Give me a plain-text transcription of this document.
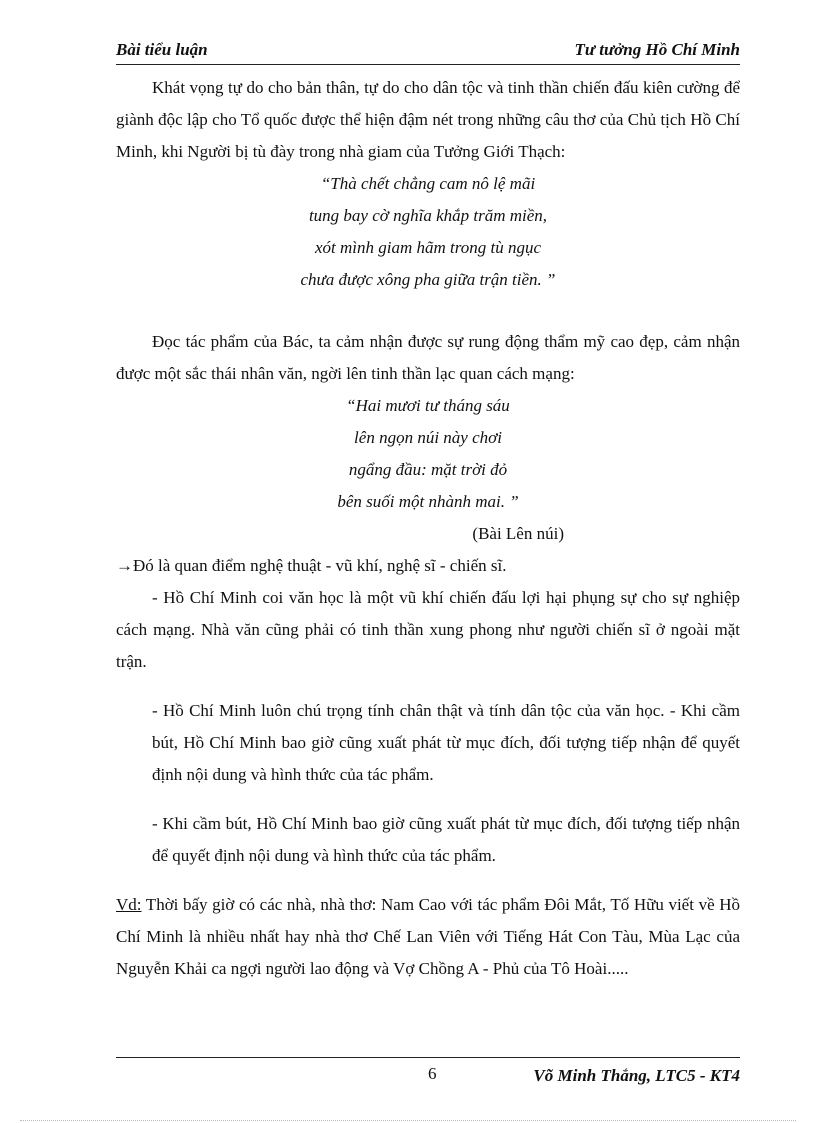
Bài tiểu luận	Tư tưởng Hồ Chí Minh

Khát vọng tự do cho bản thân, tự do cho dân tộc và tinh thần chiến đấu kiên cường để giành độc lập cho Tổ quốc được thể hiện đậm nét trong những câu thơ của Chủ tịch Hồ Chí Minh, khi Người bị tù đày trong nhà giam của Tưởng Giới Thạch:

“Thà chết chẳng cam nô lệ mãi
tung bay cờ nghĩa khắp trăm miền,
xót mình giam hãm trong tù ngục
chưa được xông pha giữa trận tiền. ”

Đọc tác phẩm của Bác, ta cảm nhận được sự rung động thẩm mỹ cao đẹp, cảm nhận được một sắc thái nhân văn, ngời lên tinh thần lạc quan cách mạng:

“Hai mươi tư tháng sáu
lên ngọn núi này chơi
ngẩng đầu: mặt trời đỏ
bên suối một nhành mai. ”
(Bài Lên núi)
→Đó là quan điểm nghệ thuật - vũ khí, nghệ sĩ - chiến sĩ.

- Hồ Chí Minh coi văn học là một vũ khí chiến đấu lợi hại phụng sự cho sự nghiệp cách mạng. Nhà văn cũng phải có tinh thần xung phong như người chiến sĩ ở ngoài mặt trận.

- Hồ Chí Minh luôn chú trọng tính chân thật và tính dân tộc của văn học. - Khi cầm bút, Hồ Chí Minh bao giờ cũng xuất phát từ mục đích, đối tượng tiếp nhận để quyết định nội dung và hình thức của tác phẩm.

- Khi cầm bút, Hồ Chí Minh bao giờ cũng xuất phát từ mục đích, đối tượng tiếp nhận để quyết định nội dung và hình thức của tác phẩm.

Vd: Thời bấy giờ có các nhà, nhà thơ: Nam Cao với tác phẩm Đôi Mắt, Tố Hữu viết về Hồ Chí Minh là nhiều nhất hay nhà thơ Chế Lan Viên với Tiếng Hát Con Tàu, Mùa Lạc của Nguyễn Khải ca ngợi người lao động và Vợ Chồng A - Phủ của Tô Hoài.....

6	Võ Minh Thắng, LTC5 - KT4
